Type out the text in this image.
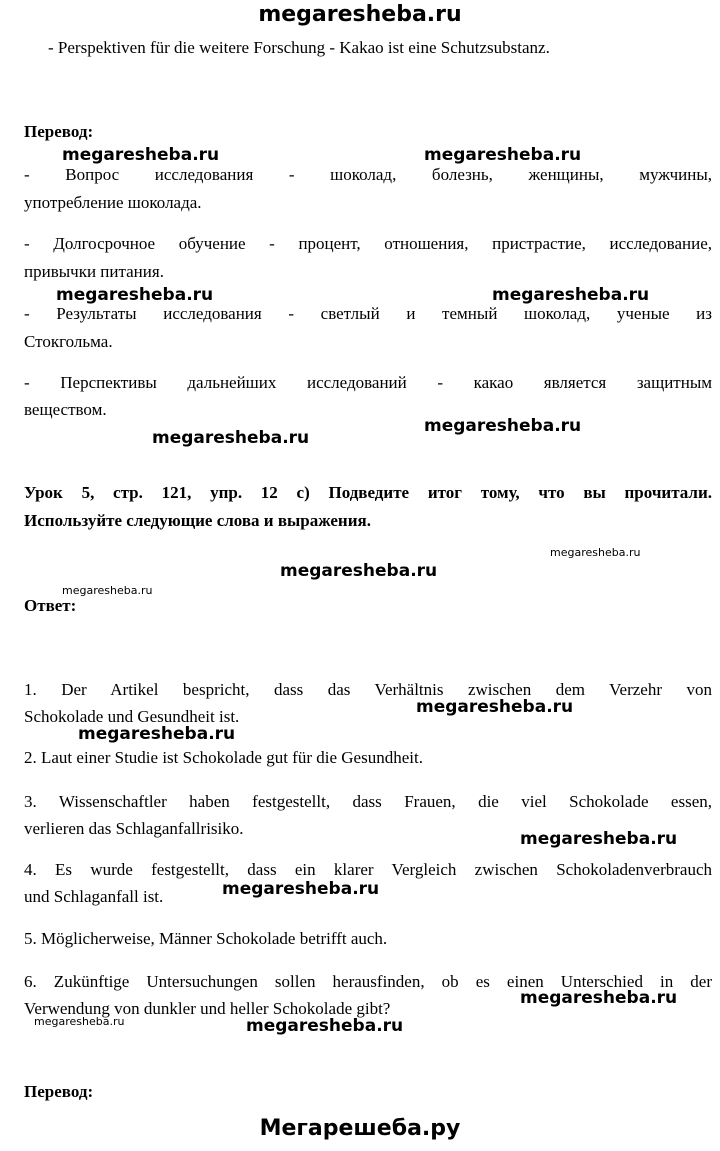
megaresheba.ru
- Perspektiven für die weitere Forschung - Kakao ist eine Schutzsubstanz.
Перевод:
- Вопрос исследования - шоколад, болезнь, женщины, мужчины,
употребление шоколада.
- Долгосрочное обучение - процент, отношения, пристрастие, исследование,
привычки питания.
- Результаты исследования - светлый и темный шоколад, ученые из
Стокгольма.
- Перспективы дальнейших исследований - какао является защитным
веществом.
Урок 5, стр. 121, упр. 12 c) Подведите итог тому, что вы прочитали.
Используйте следующие слова и выражения.
Ответ:
1. Der Artikel bespricht, dass das Verhältnis zwischen dem Verzehr von
Schokolade und Gesundheit ist.
2. Laut einer Studie ist Schokolade gut für die Gesundheit.
3. Wissenschaftler haben festgestellt, dass Frauen, die viel Schokolade essen,
verlieren das Schlaganfallrisiko.
4. Es wurde festgestellt, dass ein klarer Vergleich zwischen Schokoladenverbrauch
und Schlaganfall ist.
5. Möglicherweise, Männer Schokolade betrifft auch.
6. Zukünftige Untersuchungen sollen herausfinden, ob es einen Unterschied in der
Verwendung von dunkler und heller Schokolade gibt?
Перевод:
megaresheba.ru	megaresheba.ru
megaresheba.ru	megaresheba.ru
megaresheba.ru
megaresheba.ru
megaresheba.ru
megaresheba.ru
megaresheba.ru
megaresheba.ru
megaresheba.ru
megaresheba.ru
megaresheba.ru
megaresheba.ru
megaresheba.ru	megaresheba.ru
Мегарешеба.ру
